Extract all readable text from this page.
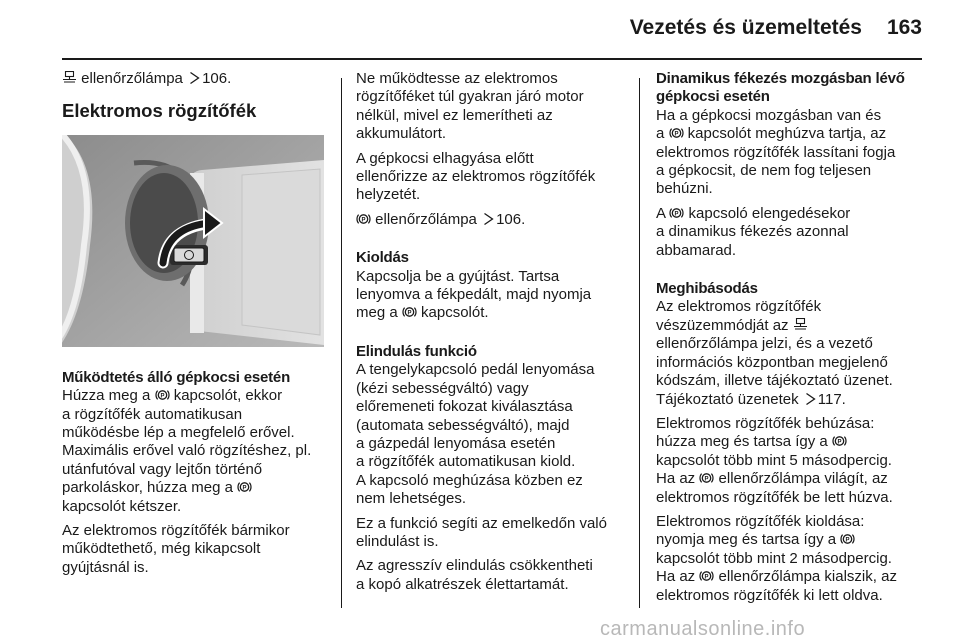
Vezetés és üzemeltetés 163

ellenőrzőlámpa 106.

Elektromos rögzítőfék

Működtetés álló gépkocsi esetén

Húzza meg a  kapcsolót, ekkor
a rögzítőfék automatikusan
működésbe lép a megfelelő erővel.
Maximális erővel való rögzítéshez, pl.
utánfutóval vagy lejtőn történő
parkoláskor, húzza meg a
kapcsolót kétszer.

Az elektromos rögzítőfék bármikor
működtethető, még kikapcsolt
gyújtásnál is.

Ne működtesse az elektromos
rögzítőféket túl gyakran járó motor
nélkül, mivel ez lemerítheti az
akkumulátort.

A gépkocsi elhagyása előtt
ellenőrizze az elektromos rögzítőfék
helyzetét.

ellenőrzőlámpa 106.

Kioldás

Kapcsolja be a gyújtást. Tartsa
lenyomva a fékpedált, majd nyomja
meg a  kapcsolót.

Elindulás funkció

A tengelykapcsoló pedál lenyomása
(kézi sebességváltó) vagy
előremeneti fokozat kiválasztása
(automata sebességváltó), majd
a gázpedál lenyomása esetén
a rögzítőfék automatikusan kiold.
A kapcsoló meghúzása közben ez
nem lehetséges.

Ez a funkció segíti az emelkedőn való
elindulást is.

Az agresszív elindulás csökkentheti
a kopó alkatrészek élettartamát.

Dinamikus fékezés mozgásban lévő
gépkocsi esetén

Ha a gépkocsi mozgásban van és
a  kapcsolót meghúzva tartja, az
elektromos rögzítőfék lassítani fogja
a gépkocsit, de nem fog teljesen
behúzni.

A  kapcsoló elengedésekor
a dinamikus fékezés azonnal
abbamarad.

Meghibásodás

Az elektromos rögzítőfék
vészüzemmódját az
ellenőrzőlámpa jelzi, és a vezető
információs központban megjelenő
kódszám, illetve tájékoztató üzenet.
Tájékoztató üzenetek 117.

Elektromos rögzítőfék behúzása:
húzza meg és tartsa így a
kapcsolót több mint 5 másodpercig.
Ha az  ellenőrzőlámpa világít, az
elektromos rögzítőfék be lett húzva.

Elektromos rögzítőfék kioldása:
nyomja meg és tartsa így a
kapcsolót több mint 2 másodpercig.
Ha az  ellenőrzőlámpa kialszik, az
elektromos rögzítőfék ki lett oldva.

carmanualsonline.info
